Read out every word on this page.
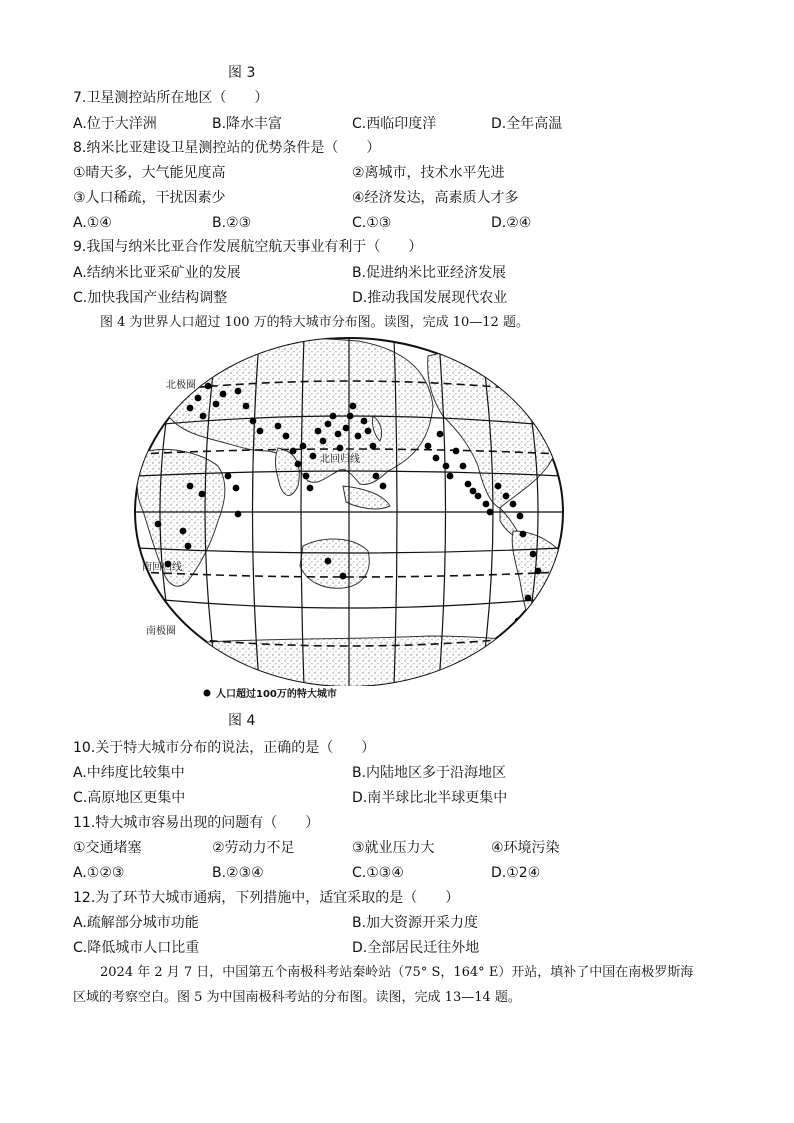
图 3
7.卫星测控站所在地区（　　）
A.位于大洋洲	B.降水丰富	C.西临印度洋	D.全年高温
8.纳米比亚建设卫星测控站的优势条件是（　　）
①晴天多，大气能见度高	②离城市，技术水平先进
③人口稀疏，干扰因素少	④经济发达，高素质人才多
A.①④	B.②③	C.①③	D.②④
9.我国与纳米比亚合作发展航空航天事业有利于（　　）
A.结纳米比亚采矿业的发展	B.促进纳米比亚经济发展
C.加快我国产业结构调整	D.推动我国发展现代农业
图 4 为世界人口超过 100 万的特大城市分布图。读图，完成 10—12 题。
北极圈
北回归线
南回归线
南极圈
人口超过100万的特大城市
图 4
10.关于特大城市分布的说法，正确的是（　　）
A.中纬度比较集中	B.内陆地区多于沿海地区
C.高原地区更集中	D.南半球比北半球更集中
11.特大城市容易出现的问题有（　　）
①交通堵塞	②劳动力不足	③就业压力大	④环境污染
A.①②③	B.②③④	C.①③④	D.①2④
12.为了环节大城市通病，下列措施中，适宜采取的是（　　）
A.疏解部分城市功能	B.加大资源开采力度
C.降低城市人口比重	D.全部居民迁往外地
2024 年 2 月 7 日，中国第五个南极科考站秦岭站（75° S，164° E）开站，填补了中国在南极罗斯海
区域的考察空白。图 5 为中国南极科考站的分布图。读图，完成 13—14 题。
